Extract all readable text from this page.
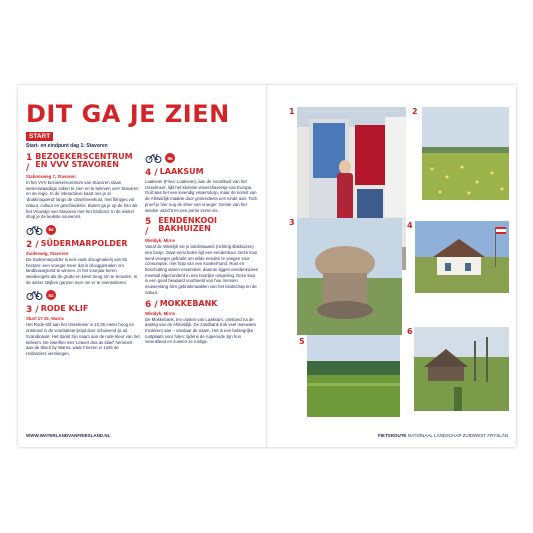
DIT GA JE ZIEN
START
Start- en eindpunt dag 1: Stavoren
1 /
BEZOEKERSCENTRUM EN VVV STAVOREN
Stationsweg 7, Stavoren
In het VVV bezoekerscentrum van Stavoren staan wetenswaardige zaken te zien en te beleven over Stavoren en de regio. In de interactieve kaart reis je al 'drukknoppend' langs de IJsselmeerkust, met filmpjes vol natuur, cultuur en geschiedenis. Buiten ga je op de foto als het Vrouwtje van Stavoren met het fotobord. In de winkel shop je de leukste souvenirs.
84
2 / SÜDERMARPOLDER
Zuiderweg, Stavoren
De Südermarpolder is een oude droogmakerij van 82 hectare: een vroeger meer dat is drooggemalen om landbouwgrond te winnen. In het voorjaar keren weidevogels als de grutto en kievit terug om te broeden. In de winter strijken ganzen neer om er te overwinteren.
52
3 / RODE KLIF
Skarl 17-15, Warns
Het Rode Klif aan het IJsselmeer is 10,35 meter hoog en ontstond in de voorlaatste ijstijd door schuivend ijs uit Scandinavië. Het dankt zijn naam aan de rode kleur van het keileem. De zwerfkei met 'Leaver dea as slaef' herinnert aan de Slach by Warns, waar Friezen in 1345 de Hollanders versloegen.
85
4 / LAAKSUM
Laaksum (Fries: Loaksum), aan de noordkust van het IJsselmeer, lijkt het kleinste vissershaventje van Europa. Ooit was het een levendig vissersdorp, maar de komst van de Afsluitdijk maakte door grotendeels een einde aan. Toch proef je hier nog de sfeer van vroeger. Geniet van het weidse uitzicht en een portie verse vis.
5 /
EENDENKOOI BAKHUIZEN
Wieldyk, Mirns
Vanaf de Wieldyk sie je landinwaarts (richting Bakhuizen) een bosje. Daar verscholen ligt een eendenkooi. Deze kooi werd vroeger gebruikt om wilde eenden te vangen voor consumptie, met hulp van een kooikerhond. Rust en beschutting waren essentieel, daarom liggen eendenkooien meestal afgezonderd in een bosrijke omgeving. Deze kooi is een goed bewaard voorbeeld van hoe mensen eeuwenlang slim gebruikmaakten van het landschap en de natuur.
6 / MOKKEBANK
Wieldyk, Mirns
De Mokkebank, ten oosten van Laaksum, ontstond na de aanleg van de Afsluitdijk. De zandbank trok veel meeuwen (mokken) aan – vandaar de naam. Het is een belangrijke rustplaats voor futen: tijdens de ruiperiode zijn hun verenkleed en zoeken ze rustige.
WWW.WATERLANDVANFRIESLAND.NL
1	2
3	4
5
6
FIETSROUTE NATIONAAL LANDSCHAP ZUIDWEST FRYSLÂN
